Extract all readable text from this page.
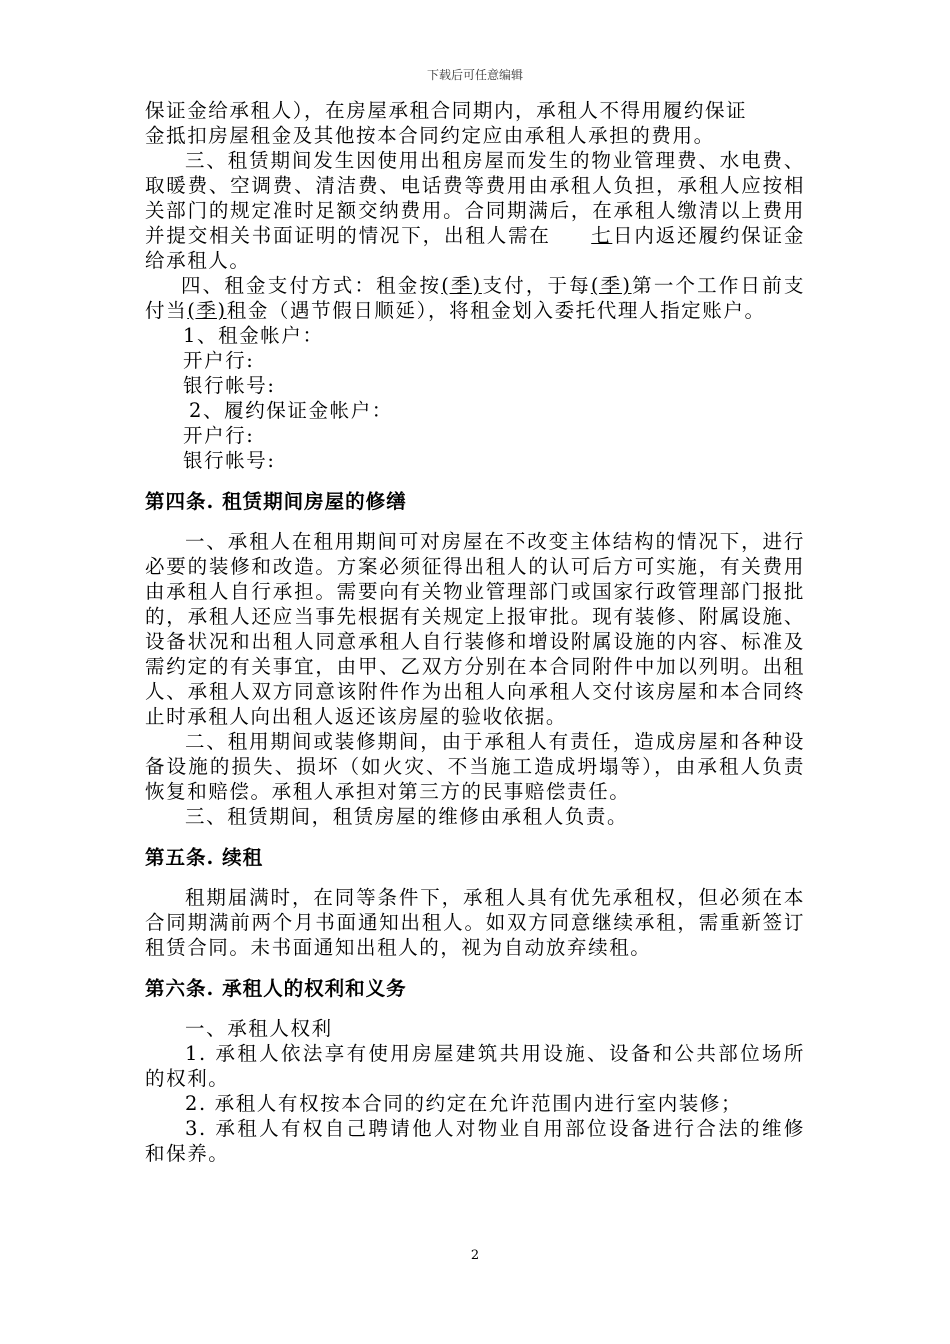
下载后可任意编辑

保证金给承租人），在房屋承租合同期内，承租人不得用履约保证

金抵扣房屋租金及其他按本合同约定应由承租人承担的费用。

三、租赁期间发生因使用出租房屋而发生的物业管理费、水电费、取暖费、空调费、清洁费、电话费等费用由承租人负担，承租人应按相关部门的规定准时足额交纳费用。合同期满后，在承租人缴清以上费用并提交相关书面证明的情况下，出租人需在 七日内返还履约保证金给承租人。

四、租金支付方式：租金按(季)支付，于每(季)第一个工作日前支付当(季)租金（遇节假日顺延），将租金划入委托代理人指定账户。

1、租金帐户：

开户行:

银行帐号:

2、履约保证金帐户：

开户行:

银行帐号:

第四条. 租赁期间房屋的修缮

一、承租人在租用期间可对房屋在不改变主体结构的情况下，进行必要的装修和改造。方案必须征得出租人的认可后方可实施，有关费用由承租人自行承担。需要向有关物业管理部门或国家行政管理部门报批的，承租人还应当事先根据有关规定上报审批。现有装修、附属设施、设备状况和出租人同意承租人自行装修和增设附属设施的内容、标准及需约定的有关事宜，由甲、乙双方分别在本合同附件中加以列明。出租人、承租人双方同意该附件作为出租人向承租人交付该房屋和本合同终止时承租人向出租人返还该房屋的验收依据。

二、租用期间或装修期间，由于承租人有责任，造成房屋和各种设备设施的损失、损坏（如火灾、不当施工造成坍塌等），由承租人负责恢复和赔偿。承租人承担对第三方的民事赔偿责任。

三、租赁期间，租赁房屋的维修由承租人负责。

第五条. 续租

租期届满时，在同等条件下，承租人具有优先承租权，但必须在本合同期满前两个月书面通知出租人。如双方同意继续承租，需重新签订租赁合同。未书面通知出租人的，视为自动放弃续租。

第六条. 承租人的权利和义务

一、承租人权利

1. 承租人依法享有使用房屋建筑共用设施、设备和公共部位场所的权利。

2. 承租人有权按本合同的约定在允许范围内进行室内装修；

3. 承租人有权自己聘请他人对物业自用部位设备进行合法的维修和保养。

2
